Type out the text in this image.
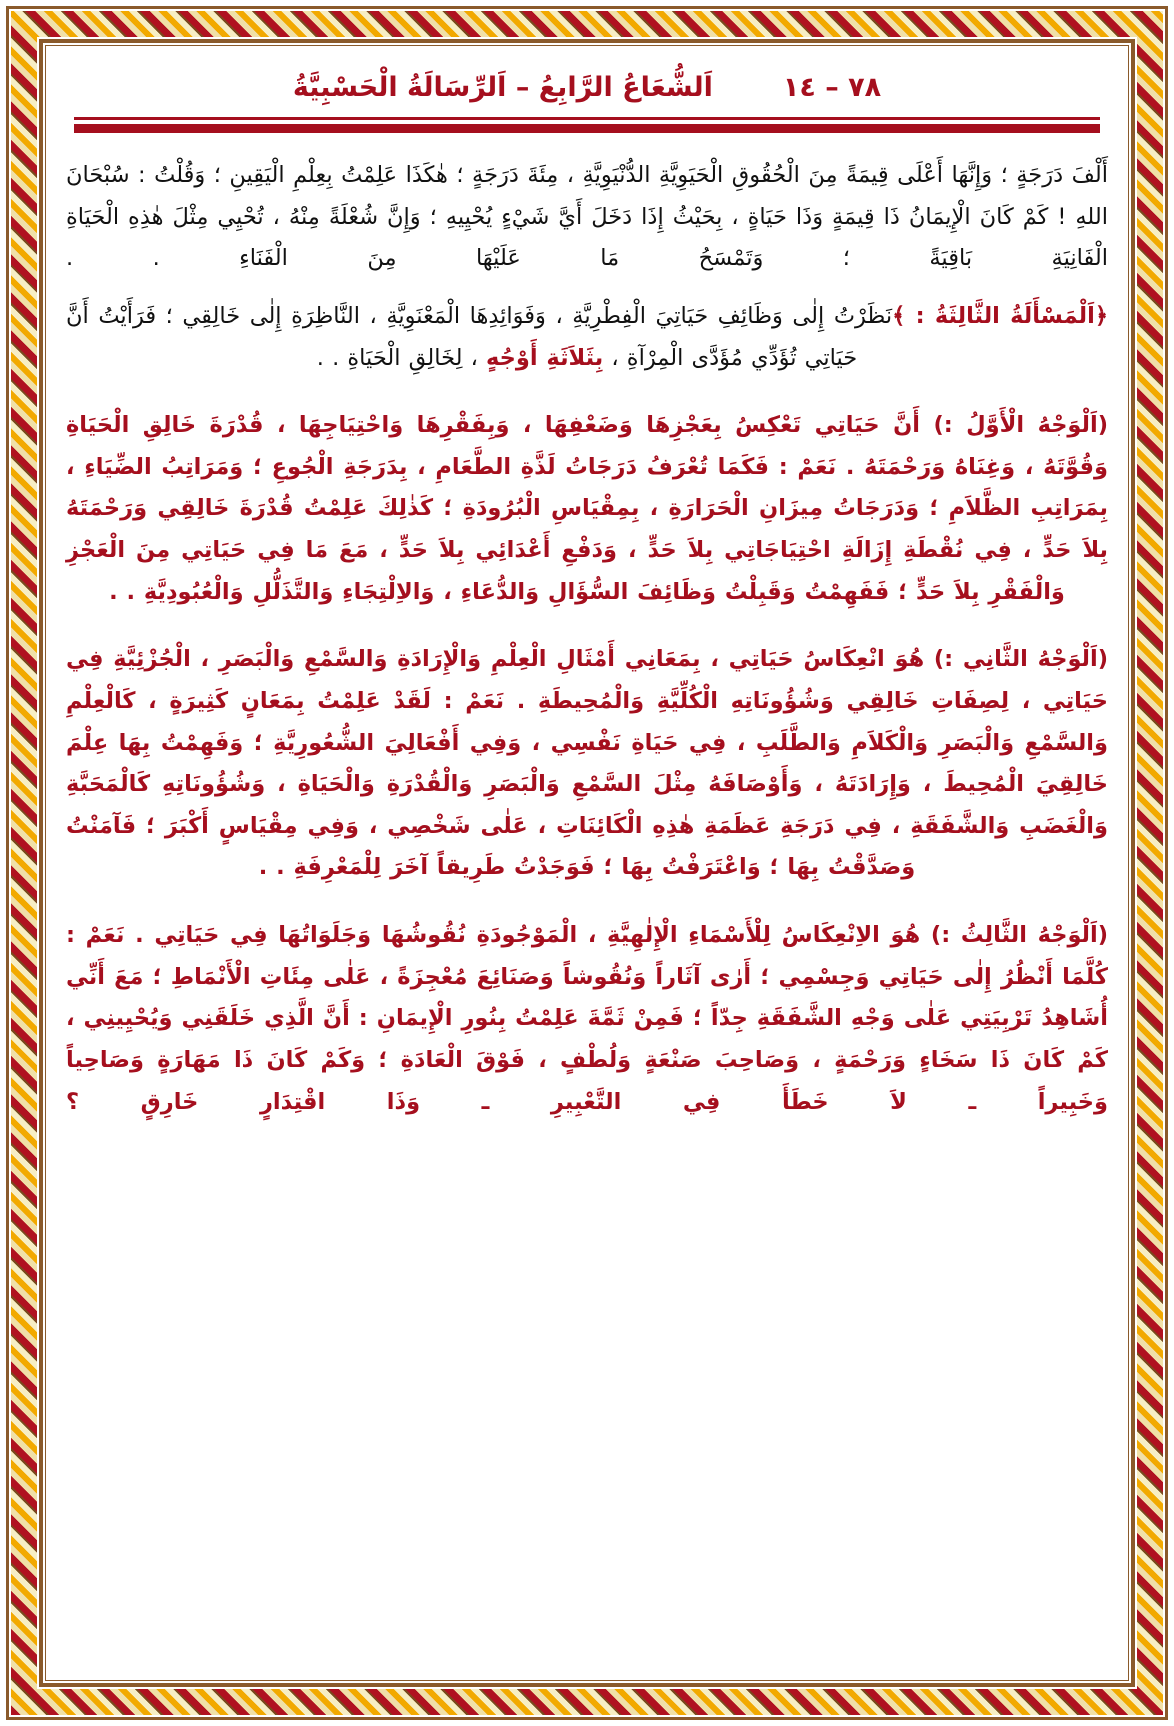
٧٨ – ١٤
اَلشُّعَاعُ الرَّابِعُ – اَلرِّسَالَةُ الْحَسْبِيَّةُ

أَلْفَ دَرَجَةٍ ؛ وَإِنَّهَا أَعْلَى قِيمَةً مِنَ الْحُقُوقِ الْحَيَوِيَّةِ الدُّنْيَوِيَّةِ ، مِئَةَ دَرَجَةٍ ؛ هٰكَذَا عَلِمْتُ بِعِلْمِ الْيَقِينِ ؛ وَقُلْتُ : سُبْحَانَ اللهِ ! كَمْ كَانَ الْإِيمَانُ ذَا قِيمَةٍ وَذَا حَيَاةٍ ، بِحَيْثُ إِذَا دَخَلَ أَيَّ شَيْءٍ يُحْيِيهِ ؛ وَإِنَّ شُعْلَةً مِنْهُ ، تُحْيِي مِثْلَ هٰذِهِ الْحَيَاةِ الْفَانِيَةِ بَاقِيَةً ؛ وَتَمْسَحُ مَا عَلَيْهَا مِنَ الْفَنَاءِ . .

﴿اَلْمَسْأَلَةُ الثَّالِثَةُ : ﴾نَظَرْتُ إِلٰى وَظَائِفِ حَيَاتِيَ الْفِطْرِيَّةِ ، وَفَوَائِدِهَا الْمَعْنَوِيَّةِ ، النَّاظِرَةِ إِلٰى خَالِقِي ؛ فَرَأَيْتُ أَنَّ حَيَاتِي تُؤَدِّي مُؤَدَّى الْمِرْآةِ ، بِثَلاَثَةِ أَوْجُهٍ ، لِخَالِقِ الْحَيَاةِ . .

(اَلْوَجْهُ الْأَوَّلُ :) أَنَّ حَيَاتِي تَعْكِسُ بِعَجْزِهَا وَضَعْفِهَا ، وَبِفَقْرِهَا وَاحْتِيَاجِهَا ، قُدْرَةَ خَالِقِ الْحَيَاةِ وَقُوَّتَهُ ، وَغِنَاهُ وَرَحْمَتَهُ . نَعَمْ : فَكَمَا تُعْرَفُ دَرَجَاتُ لَذَّةِ الطَّعَامِ ، بِدَرَجَةِ الْجُوعِ ؛ وَمَرَاتِبُ الضِّيَاءِ ، بِمَرَاتِبِ الظَّلاَمِ ؛ وَدَرَجَاتُ مِيزَانِ الْحَرَارَةِ ، بِمِقْيَاسِ الْبُرُودَةِ ؛ كَذٰلِكَ عَلِمْتُ قُدْرَةَ خَالِقِي وَرَحْمَتَهُ بِلاَ حَدٍّ ، فِي نُقْطَةِ إِزَالَةِ احْتِيَاجَاتِي بِلاَ حَدٍّ ، وَدَفْعِ أَعْدَائِي بِلاَ حَدٍّ ، مَعَ مَا فِي حَيَاتِي مِنَ الْعَجْزِ وَالْفَقْرِ بِلاَ حَدٍّ ؛ فَفَهِمْتُ وَقَبِلْتُ وَظَائِفَ السُّؤَالِ وَالدُّعَاءِ ، وَالاِلْتِجَاءِ وَالتَّذَلُّلِ وَالْعُبُودِيَّةِ . .

(اَلْوَجْهُ الثَّانِي :) هُوَ انْعِكَاسُ حَيَاتِي ، بِمَعَانِي أَمْثَالِ الْعِلْمِ وَالْإِرَادَةِ وَالسَّمْعِ وَالْبَصَرِ ، الْجُزْئِيَّةِ فِي حَيَاتِي ، لِصِفَاتِ خَالِقِي وَشُؤُونَاتِهِ الْكُلِّيَّةِ وَالْمُحِيطَةِ . نَعَمْ : لَقَدْ عَلِمْتُ بِمَعَانٍ كَثِيرَةٍ ، كَالْعِلْمِ وَالسَّمْعِ وَالْبَصَرِ وَالْكَلاَمِ وَالطَّلَبِ ، فِي حَيَاةِ نَفْسِي ، وَفِي أَفْعَالِيَ الشُّعُورِيَّةِ ؛ وَفَهِمْتُ بِهَا عِلْمَ خَالِقِيَ الْمُحِيطَ ، وَإِرَادَتَهُ ، وَأَوْصَافَهُ مِثْلَ السَّمْعِ وَالْبَصَرِ وَالْقُدْرَةِ وَالْحَيَاةِ ، وَشُؤُونَاتِهِ كَالْمَحَبَّةِ وَالْغَضَبِ وَالشَّفَقَةِ ، فِي دَرَجَةِ عَظَمَةِ هٰذِهِ الْكَائِنَاتِ ، عَلٰى شَخْصِي ، وَفِي مِقْيَاسٍ أَكْبَرَ ؛ فَآمَنْتُ وَصَدَّقْتُ بِهَا ؛ وَاعْتَرَفْتُ بِهَا ؛ فَوَجَدْتُ طَرِيقاً آخَرَ لِلْمَعْرِفَةِ . .

(اَلْوَجْهُ الثَّالِثُ :) هُوَ الاِنْعِكَاسُ لِلْأَسْمَاءِ الْإِلٰهِيَّةِ ، الْمَوْجُودَةِ نُقُوشُهَا وَجَلَوَاتُهَا فِي حَيَاتِي . نَعَمْ : كُلَّمَا أَنْظُرُ إِلٰى حَيَاتِي وَجِسْمِي ؛ أَرٰى آثَاراً وَنُقُوشاً وَصَنَائِعَ مُعْجِزَةً ، عَلٰى مِئَاتِ الْأَنْمَاطِ ؛ مَعَ أَنِّي أُشَاهِدُ تَرْبِيَتِي عَلٰى وَجْهِ الشَّفَقَةِ جِدّاً ؛ فَمِنْ ثَمَّةَ عَلِمْتُ بِنُورِ الْإِيمَانِ : أَنَّ الَّذِي خَلَقَنِي وَيُحْيِينِي ، كَمْ كَانَ ذَا سَخَاءٍ وَرَحْمَةٍ ، وَصَاحِبَ صَنْعَةٍ وَلُطْفٍ ، فَوْقَ الْعَادَةِ ؛ وَكَمْ كَانَ ذَا مَهَارَةٍ وَصَاحِياً وَخَبِيراً ـ لاَ خَطَأَ فِي التَّعْبِيرِ ـ وَذَا اقْتِدَارٍ خَارِقٍ ؟
